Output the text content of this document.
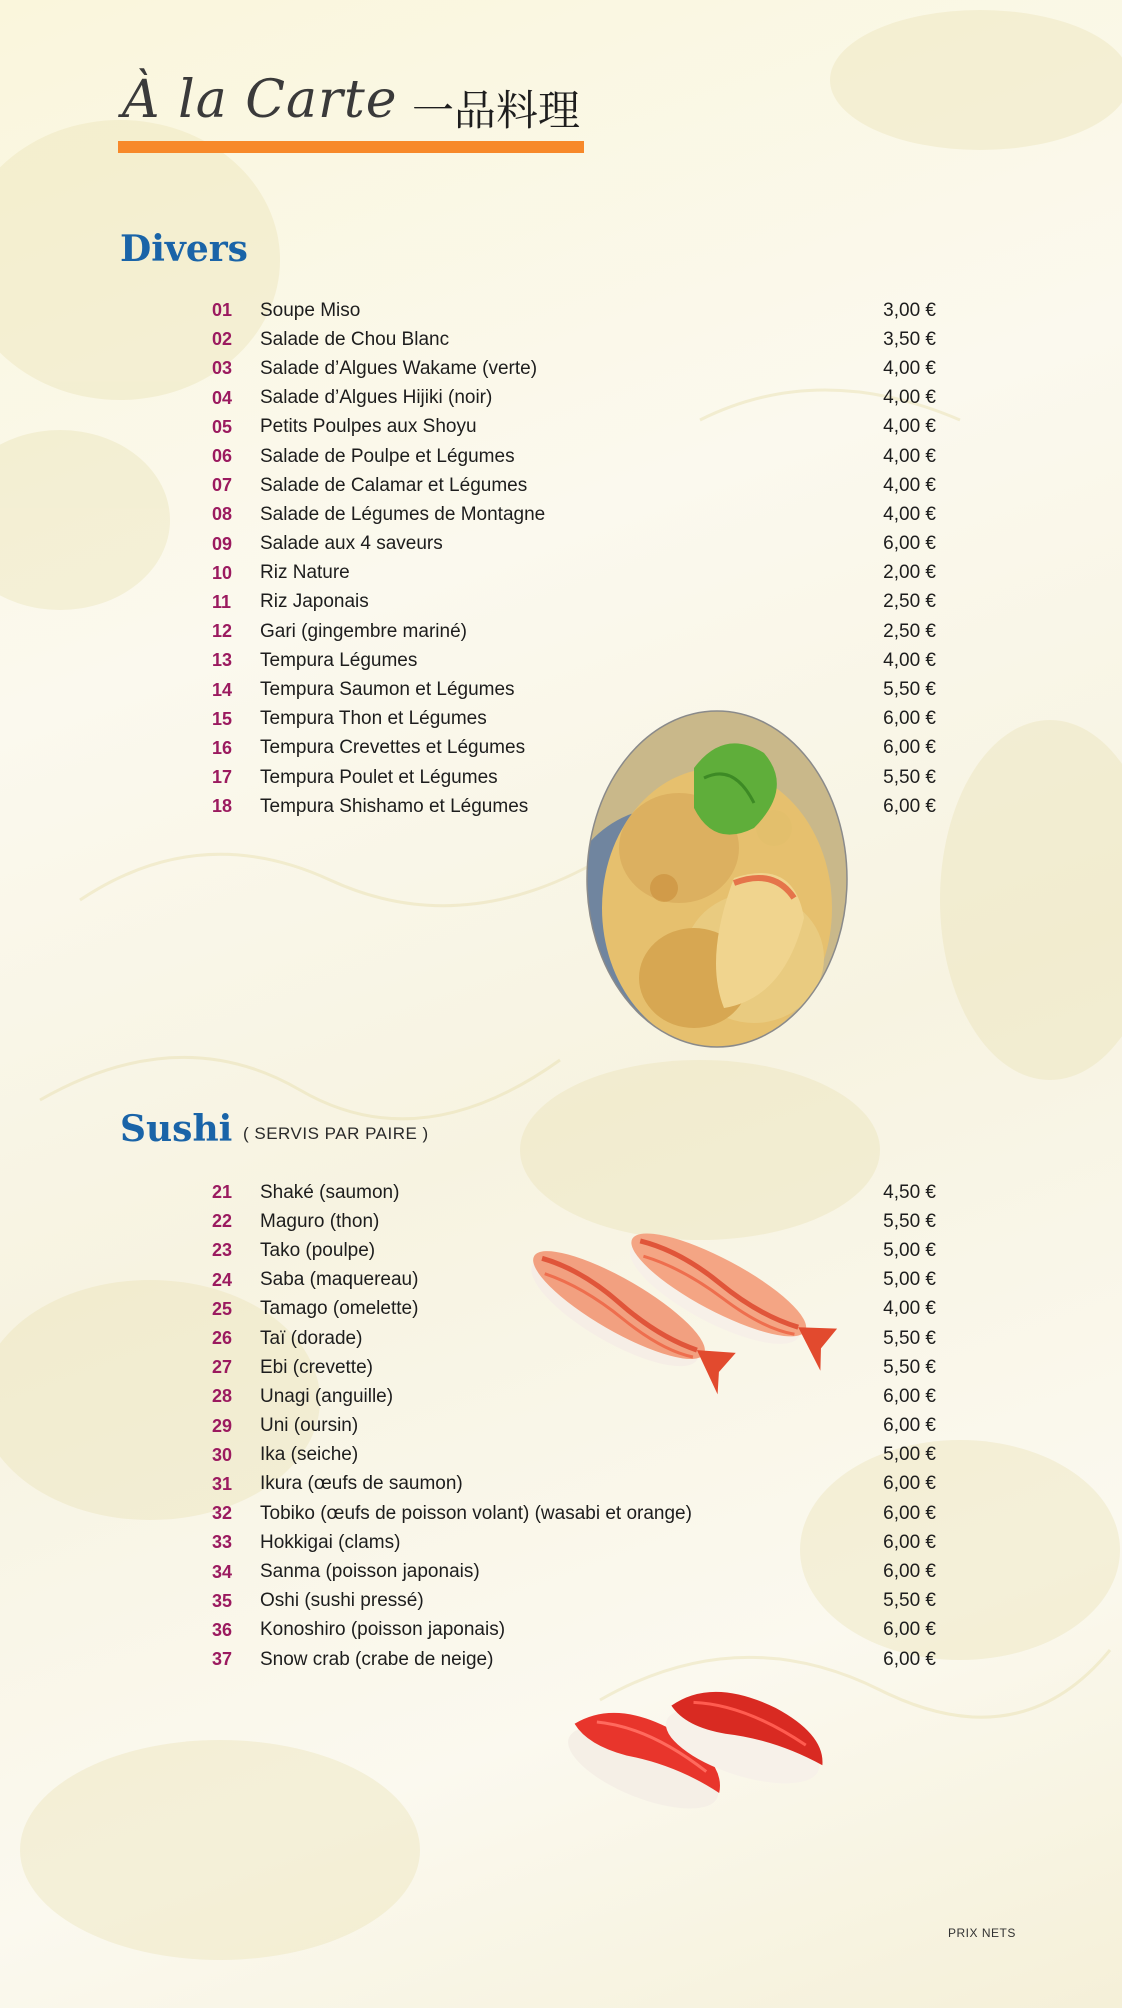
À la Carte 一品料理
Divers
01	Soupe Miso	3,00 €
02	Salade de Chou Blanc	3,50 €
03	Salade d’Algues Wakame (verte)	4,00 €
04	Salade d’Algues Hijiki (noir)	4,00 €
05	Petits Poulpes aux Shoyu	4,00 €
06	Salade de Poulpe et Légumes	4,00 €
07	Salade de Calamar et Légumes	4,00 €
08	Salade de Légumes de Montagne	4,00 €
09	Salade aux 4 saveurs	6,00 €
10	Riz Nature	2,00 €
11	Riz Japonais	2,50 €
12	Gari (gingembre mariné)	2,50 €
13	Tempura Légumes	4,00 €
14	Tempura Saumon et Légumes	5,50 €
15	Tempura Thon et Légumes	6,00 €
16	Tempura Crevettes et Légumes	6,00 €
17	Tempura Poulet et Légumes	5,50 €
18	Tempura Shishamo et Légumes	6,00 €
Sushi ( SERVIS PAR PAIRE )
21	Shaké (saumon)	4,50 €
22	Maguro (thon)	5,50 €
23	Tako (poulpe)	5,00 €
24	Saba (maquereau)	5,00 €
25	Tamago (omelette)	4,00 €
26	Taï (dorade)	5,50 €
27	Ebi (crevette)	5,50 €
28	Unagi (anguille)	6,00 €
29	Uni (oursin)	6,00 €
30	Ika (seiche)	5,00 €
31	Ikura (œufs de saumon)	6,00 €
32	Tobiko (œufs de poisson volant) (wasabi et orange)	6,00 €
33	Hokkigai (clams)	6,00 €
34	Sanma (poisson japonais)	6,00 €
35	Oshi (sushi pressé)	5,50 €
36	Konoshiro (poisson japonais)	6,00 €
37	Snow crab (crabe de neige)	6,00 €
PRIX NETS
